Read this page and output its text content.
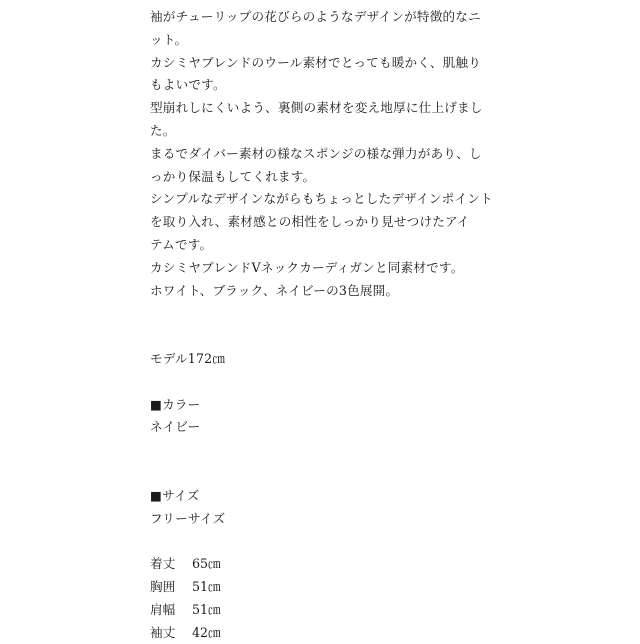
袖がチューリップの花びらのようなデザインが特徴的なニ
ット。
カシミヤブレンドのウール素材でとっても暖かく、肌触り
もよいです。
型崩れしにくいよう、裏側の素材を変え地厚に仕上げまし
た。
まるでダイバー素材の様なスポンジの様な弾力があり、し
っかり保温もしてくれます。
シンプルなデザインながらもちょっとしたデザインポイント
を取り入れ、素材感との相性をしっかり見せつけたアイ
テムです。
カシミヤブレンドVネックカーディガンと同素材です。
ホワイト、ブラック、ネイビーの3色展開。
モデル172㎝
■カラー
ネイビー
■サイズ
フリーサイズ
着丈 65㎝
胸囲 51㎝
肩幅 51㎝
袖丈 42㎝
